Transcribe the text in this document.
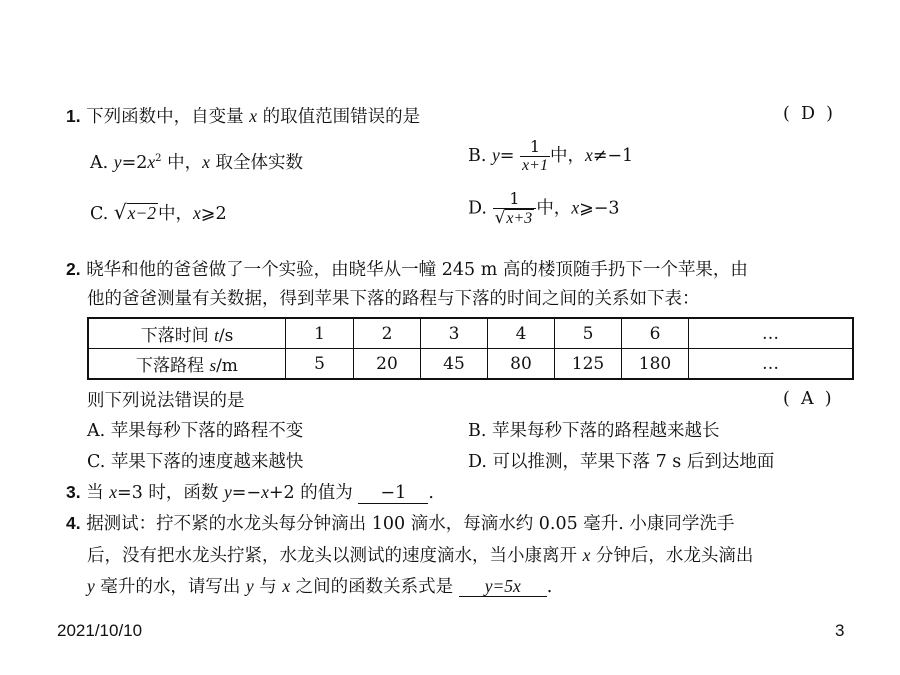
1. 下列函数中，自变量 x 的取值范围错误的是	(  D  )
A. $y=2x^2$ 中，x 取全体实数	B. $y= \frac{1}{x+1}$ 中，x≠−1
C. √x−2 中，x⩾2	D. $\frac{1}{√x+3}$ 中，x⩾−3
2. 晓华和他的爸爸做了一个实验，由晓华从一幢 245 m 高的楼顶随手扔下一个苹果，由
他的爸爸测量有关数据，得到苹果下落的路程与下落的时间之间的关系如下表：
下落时间 t/s	1	2	3	4	5	6	…
下落路程 s/m	5	20	45	80	125	180	…
则下列说法错误的是	(  A  )
A. 苹果每秒下落的路程不变	B. 苹果每秒下落的路程越来越长
C. 苹果下落的速度越来越快	D. 可以推测，苹果下落 7 s 后到达地面
3. 当 x=3 时，函数 y=−x+2 的值为 −1 .
4. 据测试：拧不紧的水龙头每分钟滴出 100 滴水，每滴水约 0.05 毫升. 小康同学洗手
后，没有把水龙头拧紧，水龙头以测试的速度滴水，当小康离开 x 分钟后，水龙头滴出
y 毫升的水，请写出 y 与 x 之间的函数关系式是 y=5x .
2021/10/10	3
